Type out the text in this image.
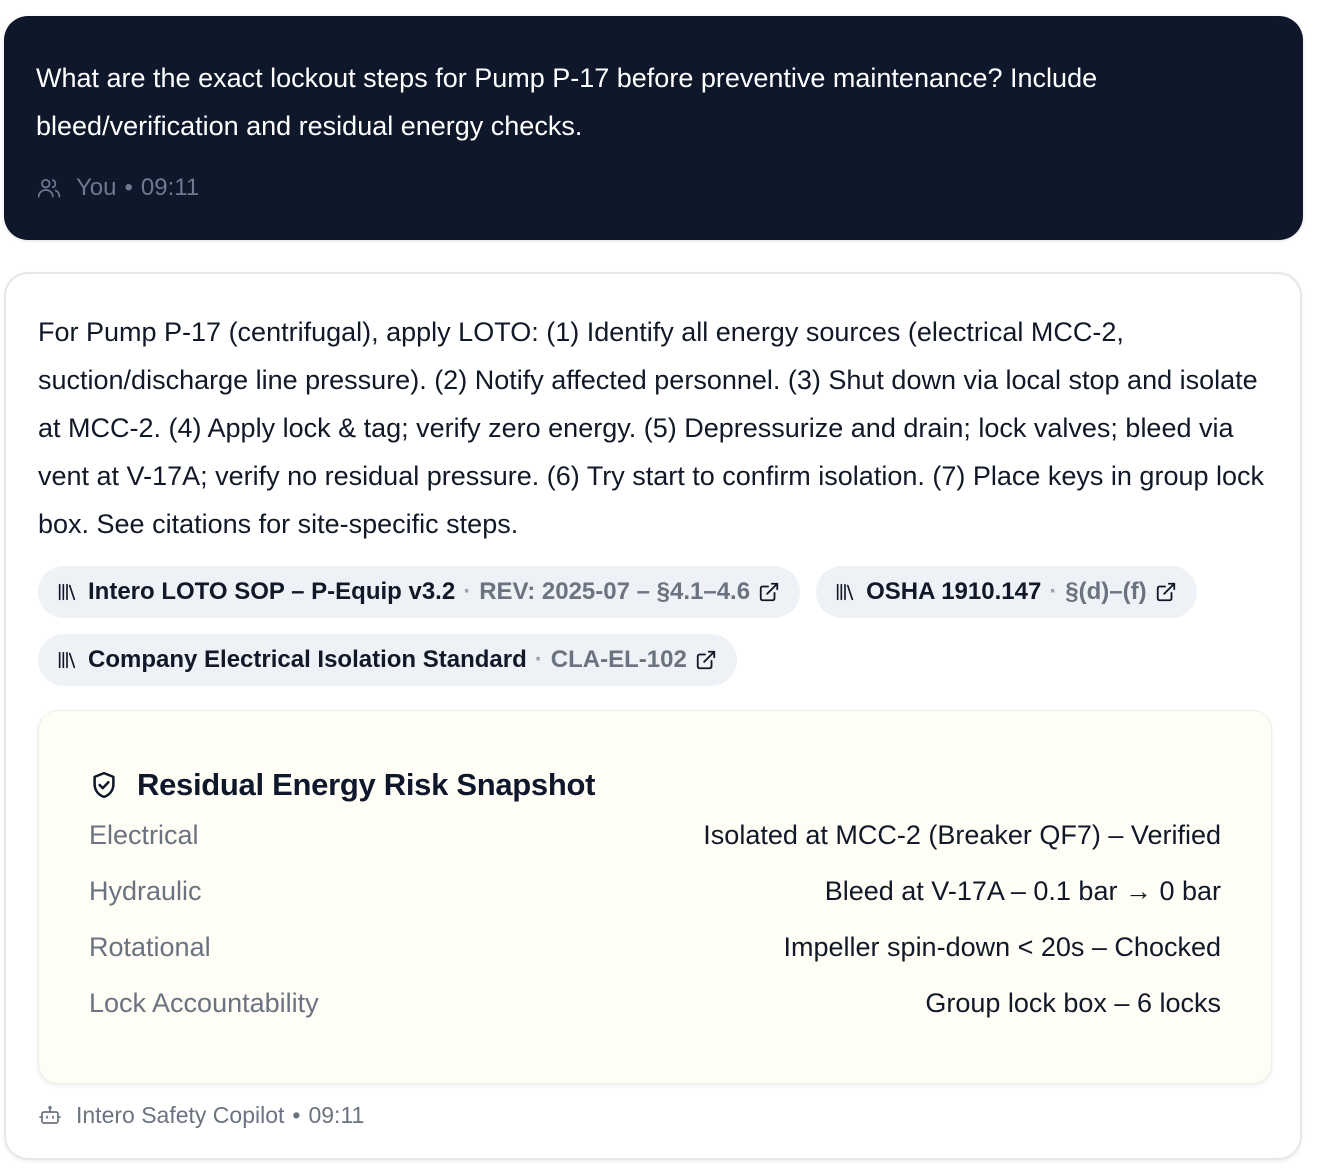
What are the exact lockout steps for Pump P-17 before preventive maintenance? Include bleed/verification and residual energy checks.
You • 09:11
For Pump P-17 (centrifugal), apply LOTO: (1) Identify all energy sources (electrical MCC-2, suction/discharge line pressure). (2) Notify affected personnel. (3) Shut down via local stop and isolate at MCC-2. (4) Apply lock & tag; verify zero energy. (5) Depressurize and drain; lock valves; bleed via vent at V-17A; verify no residual pressure. (6) Try start to confirm isolation. (7) Place keys in group lock box. See citations for site-specific steps.
Intero LOTO SOP – P-Equip v3.2 · REV: 2025-07 – §4.1–4.6	OSHA 1910.147 · §(d)–(f)
Company Electrical Isolation Standard · CLA-EL-102
Residual Energy Risk Snapshot
Electrical	Isolated at MCC-2 (Breaker QF7) – Verified
Hydraulic	Bleed at V-17A – 0.1 bar → 0 bar
Rotational	Impeller spin-down < 20s – Chocked
Lock Accountability	Group lock box – 6 locks
Intero Safety Copilot • 09:11
